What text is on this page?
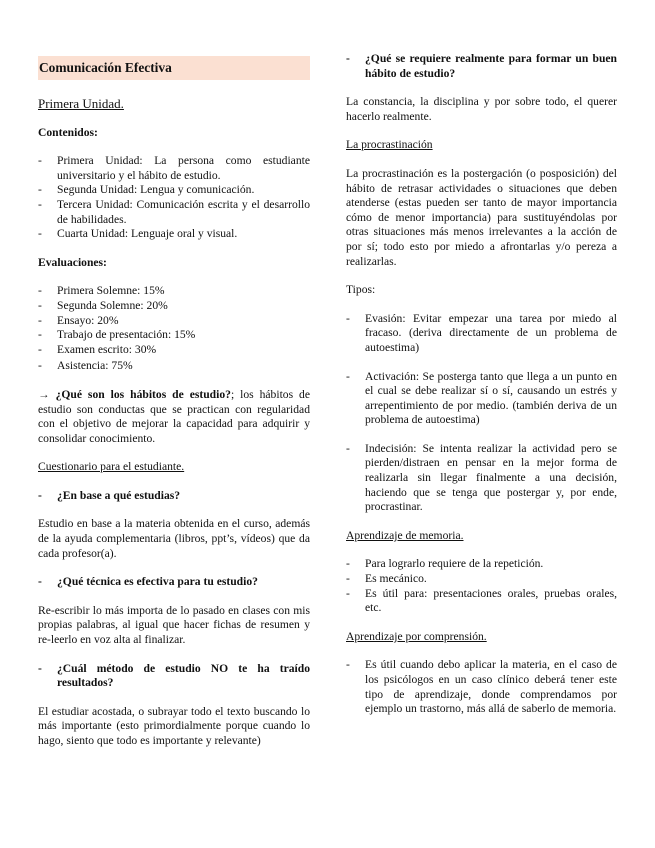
Comunicación Efectiva

Primera Unidad.

Contenidos:

- Primera Unidad: La persona como estudiante universitario y el hábito de estudio.
- Segunda Unidad: Lengua y comunicación.
- Tercera Unidad: Comunicación escrita y el desarrollo de habilidades.
- Cuarta Unidad: Lenguaje oral y visual.

Evaluaciones:

- Primera Solemne: 15%
- Segunda Solemne: 20%
- Ensayo: 20%
- Trabajo de presentación: 15%
- Examen escrito: 30%
- Asistencia: 75%

→ ¿Qué son los hábitos de estudio?; los hábitos de estudio son conductas que se practican con regularidad con el objetivo de mejorar la capacidad para adquirir y consolidar conocimiento.

Cuestionario para el estudiante.

- ¿En base a qué estudias?

Estudio en base a la materia obtenida en el curso, además de la ayuda complementaria (libros, ppt’s, vídeos) que da cada profesor(a).

- ¿Qué técnica es efectiva para tu estudio?

Re-escribir lo más importa de lo pasado en clases con mis propias palabras, al igual que hacer fichas de resumen y re-leerlo en voz alta al finalizar.

- ¿Cuál método de estudio NO te ha traído resultados?

El estudiar acostada, o subrayar todo el texto buscando lo más importante (esto primordialmente porque cuando lo hago, siento que todo es importante y relevante)

- ¿Qué se requiere realmente para formar un buen hábito de estudio?

La constancia, la disciplina y por sobre todo, el querer hacerlo realmente.

La procrastinación

La procrastinación es la postergación (o posposición) del hábito de retrasar actividades o situaciones que deben atenderse (estas pueden ser tanto de mayor importancia cómo de menor importancia) para sustituyéndolas por otras situaciones más menos irrelevantes a la acción de por sí; todo esto por miedo a afrontarlas y/o pereza a realizarlas.

Tipos:

- Evasión: Evitar empezar una tarea por miedo al fracaso. (deriva directamente de un problema de autoestima)
- Activación: Se posterga tanto que llega a un punto en el cual se debe realizar sí o sí, causando un estrés y arrepentimiento de por medio. (también deriva de un problema de autoestima)
- Indecisión: Se intenta realizar la actividad pero se pierden/distraen en pensar en la mejor forma de realizarla sin llegar finalmente a una decisión, haciendo que se tenga que postergar y, por ende, procrastinar.

Aprendizaje de memoria.

- Para lograrlo requiere de la repetición.
- Es mecánico.
- Es útil para: presentaciones orales, pruebas orales, etc.

Aprendizaje por comprensión.

- Es útil cuando debo aplicar la materia, en el caso de los psicólogos en un caso clínico deberá tener este tipo de aprendizaje, donde comprendamos por ejemplo un trastorno, más allá de saberlo de memoria.
